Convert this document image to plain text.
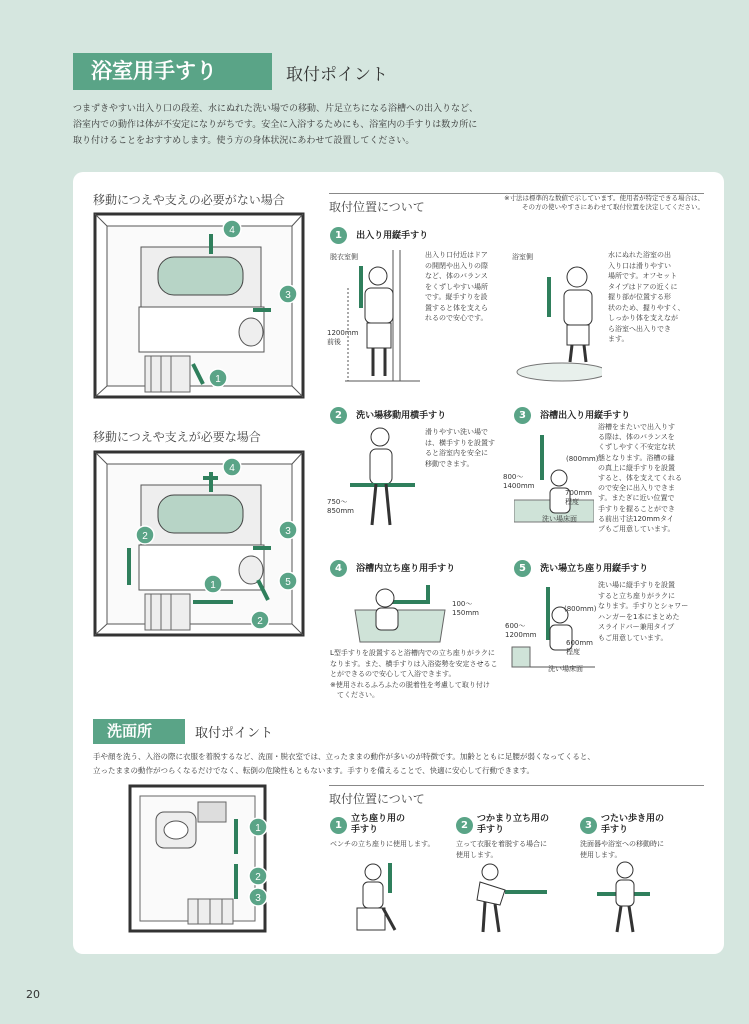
浴室用手すり	取付ポイント
つまずきやすい出入り口の段差、水にぬれた洗い場での移動、片足立ちになる浴槽への出入りなど、
浴室内での動作は体が不安定になりがちです。安全に入浴するためにも、浴室内の手すりは数カ所に
取り付けることをおすすめします。使う方の身体状況にあわせて設置してください。
移動につえや支えの必要がない場合
移動につえや支えが必要な場合
4
3
1
4
2	3
1	5
2
取付位置について
※寸法は標準的な数値で示しています。使用者が特定できる場合は、
その方の使いやすさにあわせて取付位置を決定してください。
1 出入り用縦手すり
脱衣室側	浴室側
1200mm
前後
出入り口付近はドア
の開閉や出入りの際
など、体のバランス
をくずしやすい場所
です。縦手すりを設
置すると体を支えら
れるので安心です。
水にぬれた浴室の出
入り口は滑りやすい
場所です。オフセット
タイプはドアの近くに
握り部が位置する形
状のため、握りやすく、
しっかり体を支えなが
ら浴室へ出入りでき
ます。
2 洗い場移動用横手すり
750～
850mm
滑りやすい洗い場で
は、横手すりを設置す
ると浴室内を安全に
移動できます。
3 浴槽出入り用縦手すり
(800mm)
800～
1400mm
700mm
程度
洗い場床面
浴槽をまたいで出入りす
る際は、体のバランスを
くずしやすく不安定な状
態となります。浴槽の縁
の真上に縦手すりを設置
すると、体を支えてくれる
ので安全に出入りできま
す。またぎに近い位置で
手すりを握ることができ
る前出寸法120mmタイ
プもご用意しています。
4 浴槽内立ち座り用手すり
100～
150mm
L型手すりを設置すると浴槽内での立ち座りがラクに
なります。また、横手すりは入浴姿勢を安定させるこ
とができるので安心して入浴できます。
※使用されるふろふたの脱着性を考慮して取り付け
　てください。
5 洗い場立ち座り用縦手すり
(800mm)
600～
1200mm
600mm
程度
洗い場床面
洗い場に縦手すりを設置
すると立ち座りがラクに
なります。手すりとシャワー
ハンガーを1本にまとめた
スライドバー兼用タイプ
もご用意しています。
洗面所	取付ポイント
手や顔を洗う、入浴の際に衣服を着脱するなど、洗面・脱衣室では、立ったままの動作が多いのが特徴です。加齢とともに足腰が弱くなってくると、
立ったままの動作がつらくなるだけでなく、転倒の危険性もともないます。手すりを備えることで、快適に安心して行動できます。
1
2
3
取付位置について
1
立ち座り用の
手すり
ベンチの立ち座りに使用します。
2
つかまり立ち用の
手すり
立って衣服を着脱する場合に
使用します。
3
つたい歩き用の
手すり
洗面器や浴室への移動時に
使用します。
20
